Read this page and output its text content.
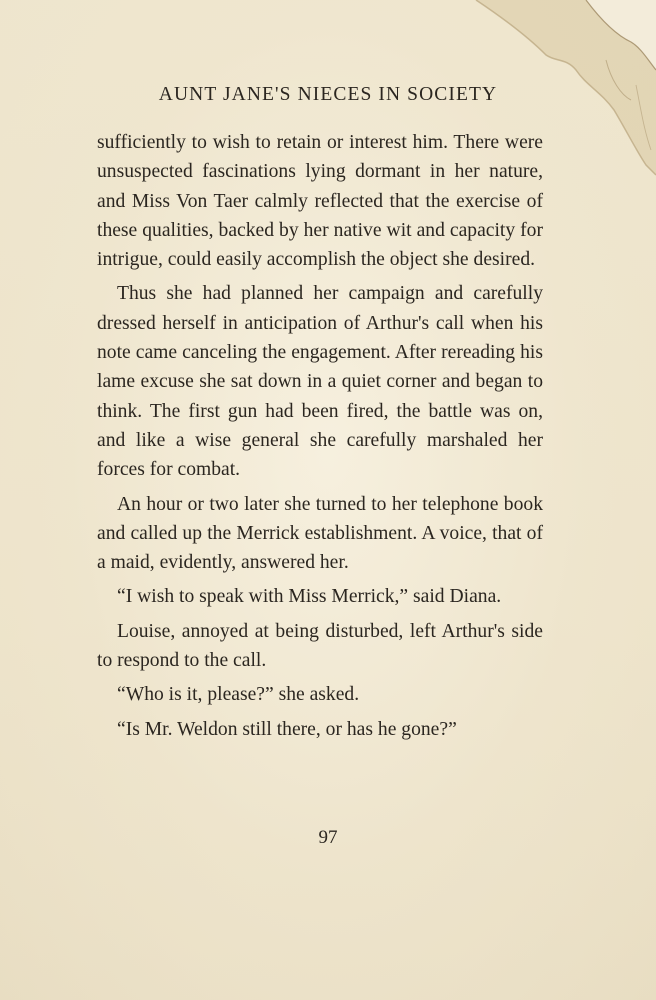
AUNT JANE'S NIECES IN SOCIETY

sufficiently to wish to retain or interest him. There were unsuspected fascinations lying dormant in her nature, and Miss Von Taer calmly reflected that the exercise of these qualities, backed by her native wit and capacity for intrigue, could easily accomplish the object she desired.

Thus she had planned her campaign and carefully dressed herself in anticipation of Arthur's call when his note came canceling the engagement. After rereading his lame excuse she sat down in a quiet corner and began to think. The first gun had been fired, the battle was on, and like a wise general she carefully marshaled her forces for combat.

An hour or two later she turned to her telephone book and called up the Merrick establishment. A voice, that of a maid, evidently, answered her.

“I wish to speak with Miss Merrick,” said Diana.

Louise, annoyed at being disturbed, left Arthur's side to respond to the call.

“Who is it, please?” she asked.

“Is Mr. Weldon still there, or has he gone?”

97
